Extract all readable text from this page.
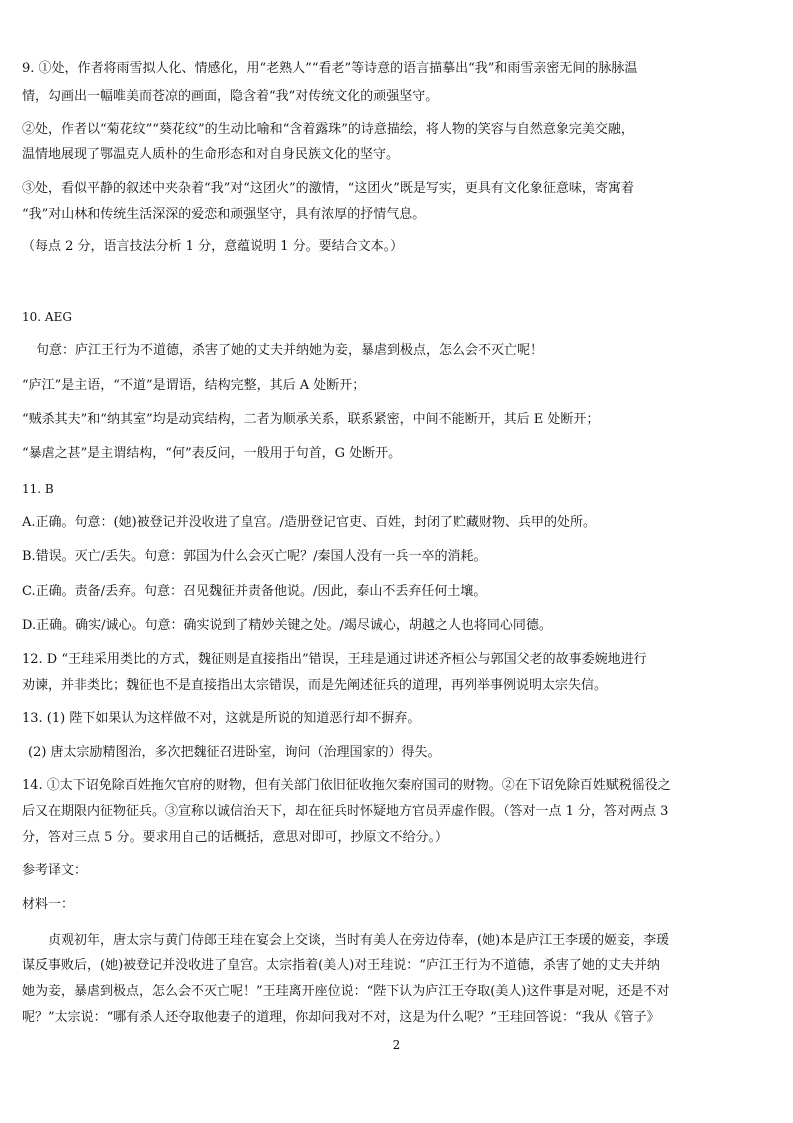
9. ①处，作者将雨雪拟人化、情感化，用“老熟人”“看老”等诗意的语言描摹出“我”和雨雪亲密无间的脉脉温

情，勾画出一幅唯美而苍凉的画面，隐含着“我”对传统文化的顽强坚守。

②处，作者以“菊花纹”“葵花纹”的生动比喻和“含着露珠”的诗意描绘，将人物的笑容与自然意象完美交融，

温情地展现了鄂温克人质朴的生命形态和对自身民族文化的坚守。

③处，看似平静的叙述中夹杂着“我”对“这团火”的激情，“这团火”既是写实，更具有文化象征意味，寄寓着

“我”对山林和传统生活深深的爱恋和顽强坚守，具有浓厚的抒情气息。

（每点 2 分，语言技法分析 1 分，意蕴说明 1 分。要结合文本。）

10. AEG

句意：庐江王行为不道德，杀害了她的丈夫并纳她为妾，暴虐到极点，怎么会不灭亡呢！

“庐江”是主语，“不道”是谓语，结构完整，其后 A 处断开；

“贼杀其夫”和“纳其室”均是动宾结构，二者为顺承关系，联系紧密，中间不能断开，其后 E 处断开；

“暴虐之甚”是主谓结构，“何”表反问，一般用于句首，G 处断开。

11. B

A.正确。句意：(她)被登记并没收进了皇宫。/造册登记官吏、百姓，封闭了贮藏财物、兵甲的处所。

B.错误。灭亡/丢失。句意：郭国为什么会灭亡呢？/秦国人没有一兵一卒的消耗。

C.正确。责备/丢弃。句意：召见魏征并责备他说。/因此，泰山不丢弃任何土壤。

D.正确。确实/诚心。句意：确实说到了精妙关键之处。/竭尽诚心，胡越之人也将同心同德。

12. D “王珪采用类比的方式，魏征则是直接指出”错误，王珪是通过讲述齐桓公与郭国父老的故事委婉地进行

劝谏，并非类比；魏征也不是直接指出太宗错误，而是先阐述征兵的道理，再列举事例说明太宗失信。

13. (1) 陛下如果认为这样做不对，这就是所说的知道恶行却不摒弃。

(2) 唐太宗励精图治，多次把魏征召进卧室，询问（治理国家的）得失。

14. ①太下诏免除百姓拖欠官府的财物，但有关部门依旧征收拖欠秦府国司的财物。②在下诏免除百姓赋税徭役之

后又在期限内征物征兵。③宣称以诚信治天下，却在征兵时怀疑地方官员弄虚作假。（答对一点 1 分，答对两点 3

分，答对三点 5 分。要求用自己的话概括，意思对即可，抄原文不给分。）

参考译文：

材料一：

贞观初年，唐太宗与黄门侍郎王珪在宴会上交谈，当时有美人在旁边侍奉，(她)本是庐江王李瑗的姬妾，李瑗

谋反事败后，(她)被登记并没收进了皇宫。太宗指着(美人)对王珪说：“庐江王行为不道德，杀害了她的丈夫并纳

她为妾，暴虐到极点，怎么会不灭亡呢！”王珪离开座位说：“陛下认为庐江王夺取(美人)这件事是对呢，还是不对

呢？”太宗说：“哪有杀人还夺取他妻子的道理，你却问我对不对，这是为什么呢？”王珪回答说：“我从《管子》

2
